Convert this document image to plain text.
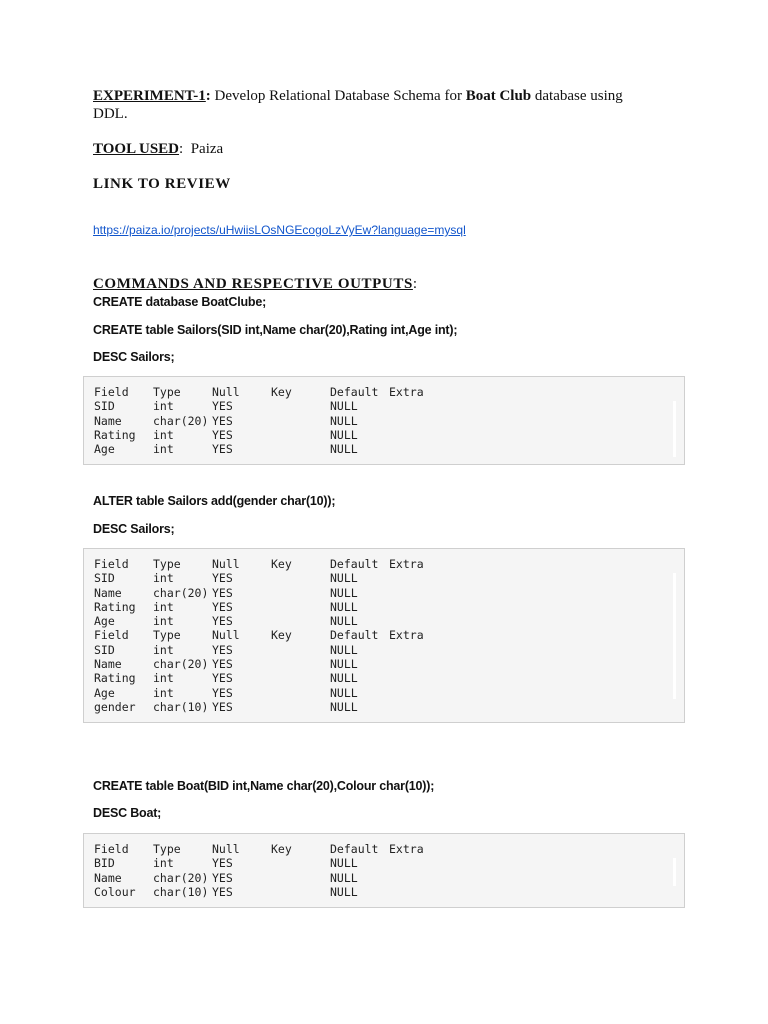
EXPERIMENT-1: Develop Relational Database Schema for Boat Club database using
DDL.
TOOL USED:  Paiza
LINK TO REVIEW
https://paiza.io/projects/uHwiisLOsNGEcogoLzVyEw?language=mysql
COMMANDS AND RESPECTIVE OUTPUTS:
CREATE database BoatClube;
CREATE table Sailors(SID int,Name char(20),Rating int,Age int);
DESC Sailors;
Field Type	Null	Key	Default Extra
SID	int	YES	NULL
Name	char(20) YES	NULL
Rating int	YES	NULL
Age	int	YES	NULL
ALTER table Sailors add(gender char(10));
DESC Sailors;
Field Type	Null	Key	Default Extra
SID	int	YES	NULL
Name	char(20) YES	NULL
Rating int	YES	NULL
Age	int	YES	NULL
Field Type	Null	Key	Default Extra
SID	int	YES	NULL
Name	char(20) YES	NULL
Rating int	YES	NULL
Age	int	YES	NULL
gender char(10) YES	NULL
CREATE table Boat(BID int,Name char(20),Colour char(10));
DESC Boat;
Field Type	Null	Key	Default Extra
BID	int	YES	NULL
Name	char(20) YES	NULL
Colour char(10) YES	NULL
